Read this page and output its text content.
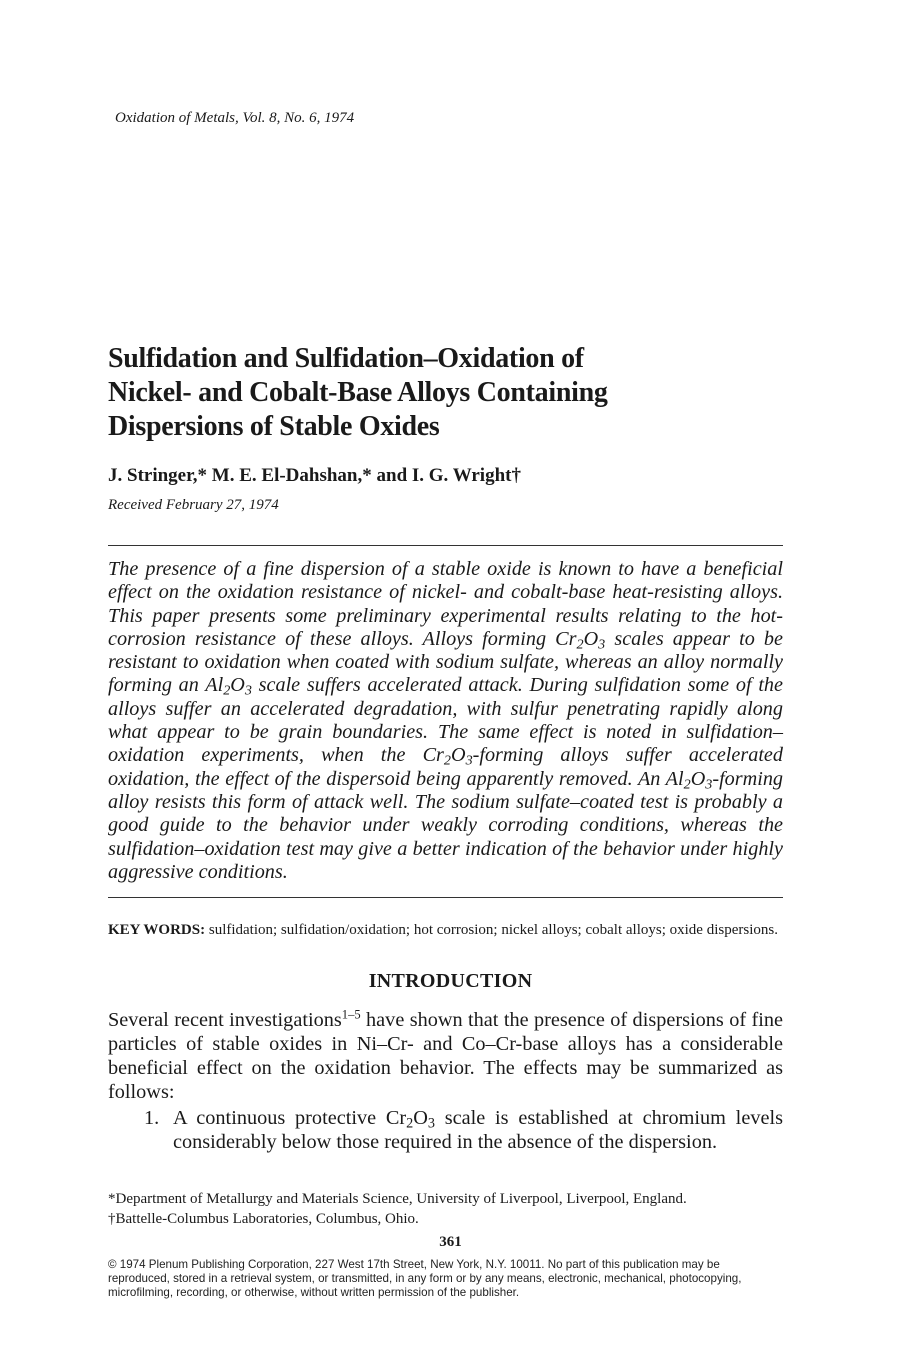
Oxidation of Metals, Vol. 8, No. 6, 1974
Sulfidation and Sulfidation–Oxidation of
Nickel- and Cobalt-Base Alloys Containing
Dispersions of Stable Oxides
J. Stringer,* M. E. El-Dahshan,* and I. G. Wright†
Received February 27, 1974
The presence of a fine dispersion of a stable oxide is known to have a beneficial effect on the oxidation resistance of nickel- and cobalt-base heat-resisting alloys. This paper presents some preliminary experimental results relating to the hot-corrosion resistance of these alloys. Alloys forming $Cr_2O_3$ scales appear to be resistant to oxidation when coated with sodium sulfate, whereas an alloy normally forming an $Al_2O_3$ scale suffers accelerated attack. During sulfidation some of the alloys suffer an accelerated degradation, with sulfur penetrating rapidly along what appear to be grain boundaries. The same effect is noted in sulfidation–oxidation experiments, when the $Cr_2O_3$-forming alloys suffer accelerated oxidation, the effect of the dispersoid being apparently removed. An $Al_2O_3$-forming alloy resists this form of attack well. The sodium sulfate–coated test is probably a good guide to the behavior under weakly corroding conditions, whereas the sulfidation–oxidation test may give a better indication of the behavior under highly aggressive conditions.
KEY WORDS: sulfidation; sulfidation/oxidation; hot corrosion; nickel alloys; cobalt alloys; oxide dispersions.
INTRODUCTION
Several recent investigations$^{1-5}$ have shown that the presence of dispersions of fine particles of stable oxides in Ni–Cr- and Co–Cr-base alloys has a considerable beneficial effect on the oxidation behavior. The effects may be summarized as follows:
1. A continuous protective $Cr_2O_3$ scale is established at chromium levels considerably below those required in the absence of the dispersion.
*Department of Metallurgy and Materials Science, University of Liverpool, Liverpool, England.
†Battelle-Columbus Laboratories, Columbus, Ohio.
361
© 1974 Plenum Publishing Corporation, 227 West 17th Street, New York, N.Y. 10011. No part of this publication may be reproduced, stored in a retrieval system, or transmitted, in any form or by any means, electronic, mechanical, photocopying, microfilming, recording, or otherwise, without written permission of the publisher.
